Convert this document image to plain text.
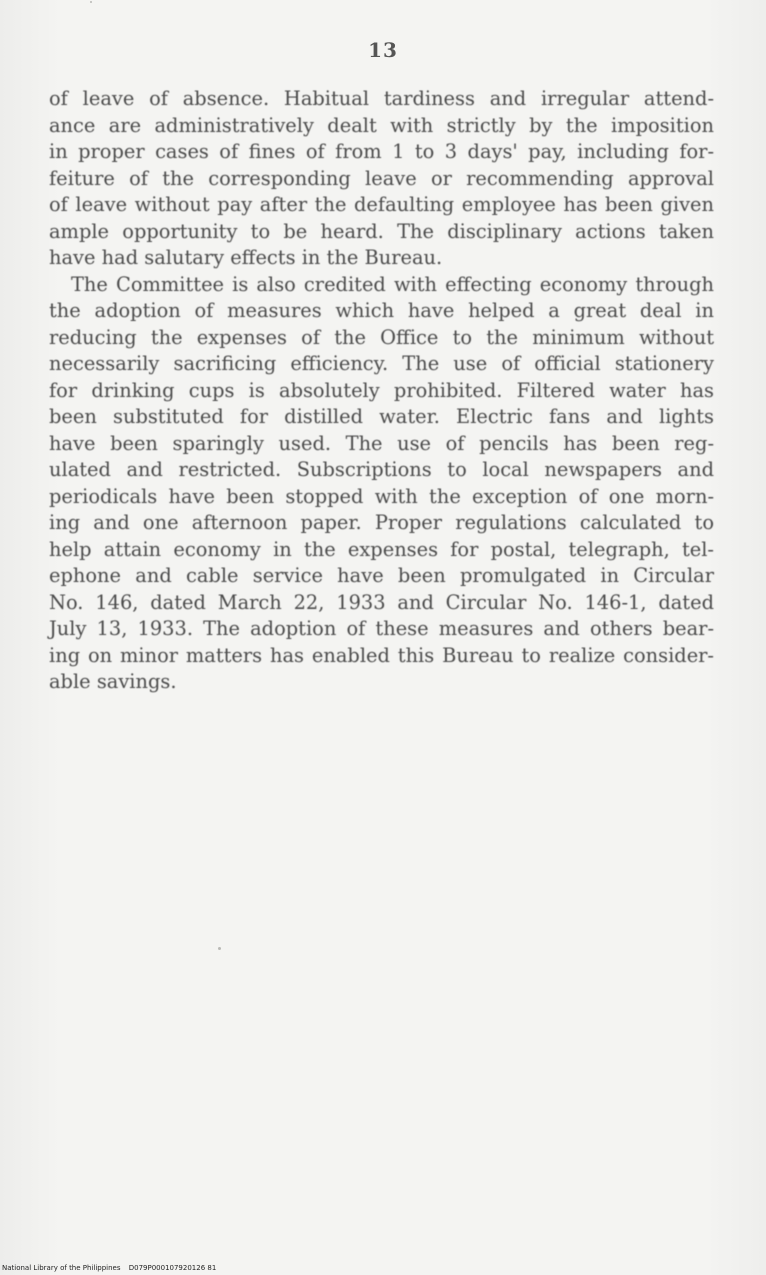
13
of leave of absence. Habitual tardiness and irregular attend-
ance are administratively dealt with strictly by the imposition
in proper cases of fines of from 1 to 3 days' pay, including for-
feiture of the corresponding leave or recommending approval
of leave without pay after the defaulting employee has been given
ample opportunity to be heard. The disciplinary actions taken
have had salutary effects in the Bureau.
The Committee is also credited with effecting economy through
the adoption of measures which have helped a great deal in
reducing the expenses of the Office to the minimum without
necessarily sacrificing efficiency. The use of official stationery
for drinking cups is absolutely prohibited. Filtered water has
been substituted for distilled water. Electric fans and lights
have been sparingly used. The use of pencils has been reg-
ulated and restricted. Subscriptions to local newspapers and
periodicals have been stopped with the exception of one morn-
ing and one afternoon paper. Proper regulations calculated to
help attain economy in the expenses for postal, telegraph, tel-
ephone and cable service have been promulgated in Circular
No. 146, dated March 22, 1933 and Circular No. 146-1, dated
July 13, 1933. The adoption of these measures and others bear-
ing on minor matters has enabled this Bureau to realize consider-
able savings.
National Library of the Philippines D079P000107920126 81
